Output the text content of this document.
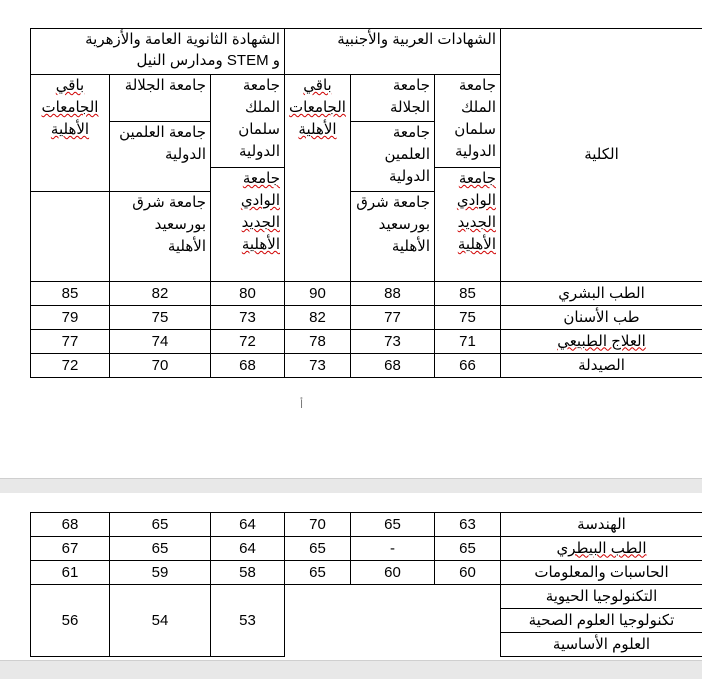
الشهادة الثانوية العامة والأزهرية
و STEM ومدارس النيل			الشهادات العربية والأجنبية			الكلية
باقي الجامعات الأهلية	جامعة الجلالة	جامعة الملك سلمان الدولية	باقي الجامعات الأهلية	جامعة الجلالة	جامعة الملك سلمان الدولية	
	جامعة العلمين الدولية			جامعة العلمين الدولية		
		جامعة الوادي الجديد الأهلية			جامعة الوادي الجديد الأهلية	
	جامعة شرق بورسعيد الأهلية			جامعة شرق بورسعيد الأهلية		
85	82	80	90	88	85	الطب البشري
79	75	73	82	77	75	طب الأسنان
77	74	72	78	73	71	العلاج الطبيعي
72	70	68	73	68	66	الصيدلة
أ
68	65	64	70	65	63	الهندسة
67	65	64	65	-	65	الطب البيطري
61	59	58	65	60	60	الحاسبات والمعلومات
56	54	53				التكنولوجيا الحيوية
						تكنولوجيا العلوم الصحية
						العلوم الأساسية
